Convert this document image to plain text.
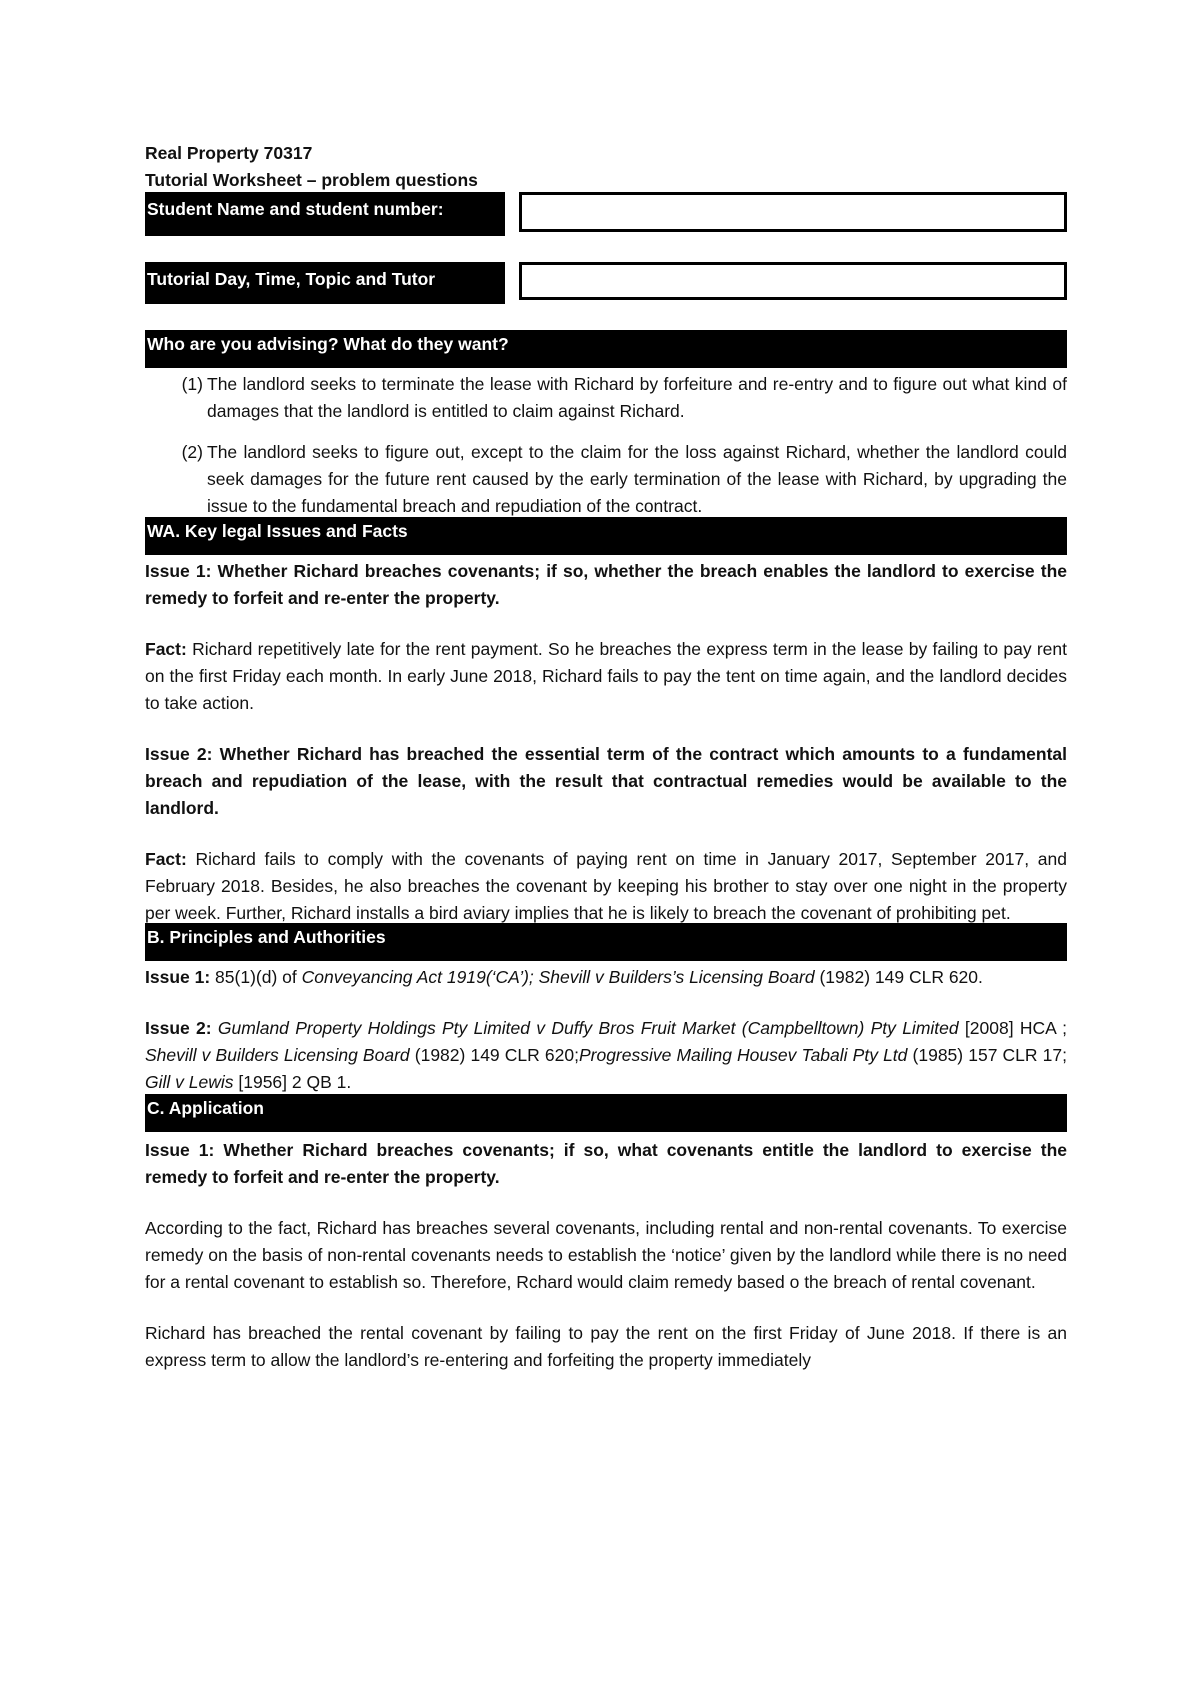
Real Property 70317
Tutorial Worksheet – problem questions
Student Name and student number:
Tutorial Day, Time, Topic and Tutor
Who are you advising? What do they want?
(1) The landlord seeks to terminate the lease with Richard by forfeiture and re-entry and to figure out what kind of damages that the landlord is entitled to claim against Richard.
(2) The landlord seeks to figure out, except to the claim for the loss against Richard, whether the landlord could seek damages for the future rent caused by the early termination of the lease with Richard, by upgrading the issue to the fundamental breach and repudiation of the contract.
WA. Key legal Issues and Facts

Issue 1: Whether Richard breaches covenants; if so, whether the breach enables the landlord to exercise the remedy to forfeit and re-enter the property.

Fact: Richard repetitively late for the rent payment. So he breaches the express term in the lease by failing to pay rent on the first Friday each month. In early June 2018, Richard fails to pay the tent on time again, and the landlord decides to take action.

Issue 2: Whether Richard has breached the essential term of the contract which amounts to a fundamental breach and repudiation of the lease, with the result that contractual remedies would be available to the landlord.

Fact: Richard fails to comply with the covenants of paying rent on time in January 2017, September 2017, and February 2018. Besides, he also breaches the covenant by keeping his brother to stay over one night in the property per week. Further, Richard installs a bird aviary implies that he is likely to breach the covenant of prohibiting pet.

B. Principles and Authorities

Issue 1: 85(1)(d) of Conveyancing Act 1919(‘CA’); Shevill v Builders’s Licensing Board (1982) 149 CLR 620.

Issue 2: Gumland Property Holdings Pty Limited v Duffy Bros Fruit Market (Campbelltown) Pty Limited [2008] HCA ; Shevill v Builders Licensing Board (1982) 149 CLR 620;Progressive Mailing Housev Tabali Pty Ltd (1985) 157 CLR 17; Gill v Lewis [1956] 2 QB 1.

C. Application

Issue 1: Whether Richard breaches covenants; if so, what covenants entitle the landlord to exercise the remedy to forfeit and re-enter the property.

According to the fact, Richard has breaches several covenants, including rental and non-rental covenants. To exercise remedy on the basis of non-rental covenants needs to establish the ‘notice’ given by the landlord while there is no need for a rental covenant to establish so. Therefore, Rchard would claim remedy based o the breach of rental covenant.

Richard has breached the rental covenant by failing to pay the rent on the first Friday of June 2018. If there is an express term to allow the landlord’s re-entering and forfeiting the property immediately
